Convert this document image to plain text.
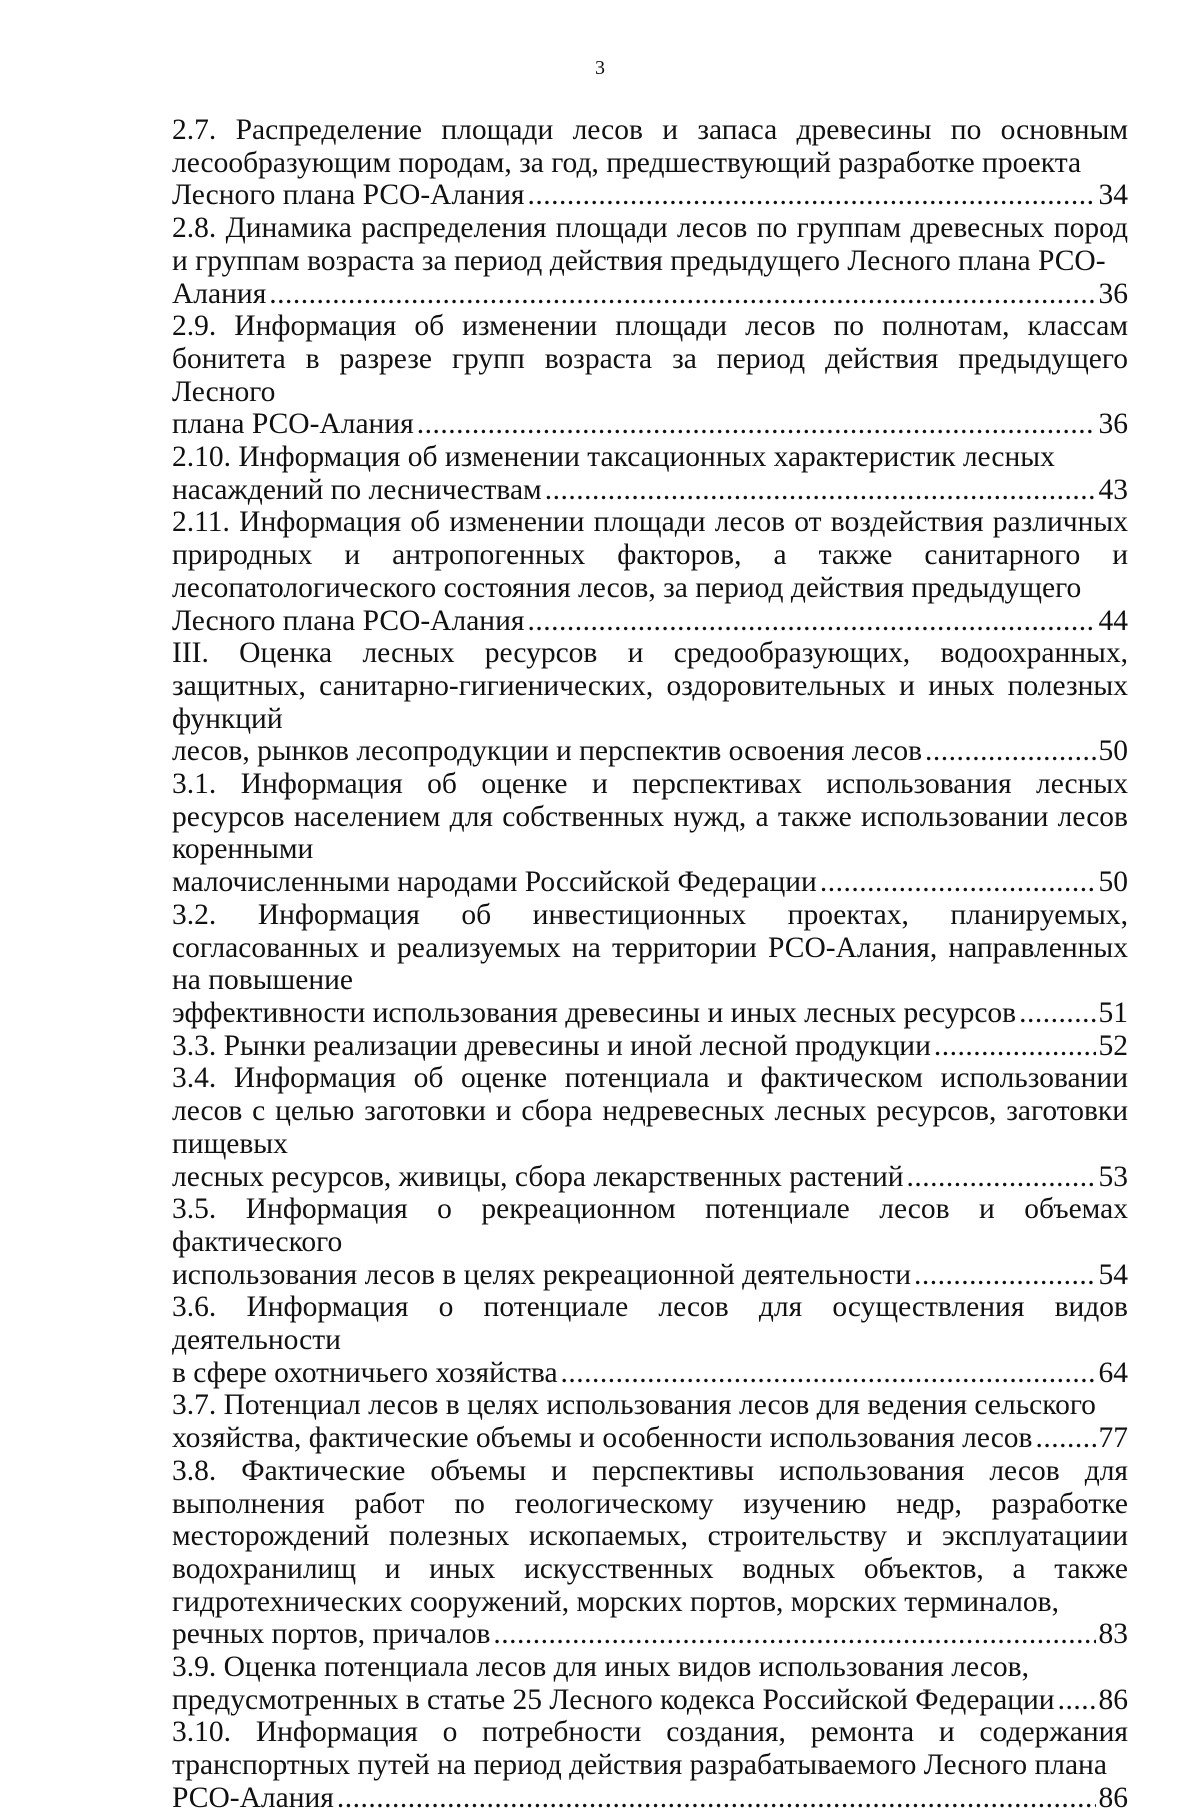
3
2.7. Распределение площади лесов и запаса древесины по основным лесообразующим породам, за год, предшествующий разработке проекта
Лесного плана РСО-Алания .....	34
2.8. Динамика распределения площади лесов по группам древесных пород и группам возраста за период действия предыдущего Лесного плана РСО-
Алания .....	36
2.9. Информация об изменении площади лесов по полнотам, классам бонитета в разрезе групп возраста за период действия предыдущего Лесного
плана РСО-Алания .....	36
2.10. Информация об изменении таксационных характеристик лесных
насаждений по лесничествам .....	43
2.11. Информация об изменении площади лесов от воздействия различных природных и антропогенных факторов, а также санитарного и лесопатологического состояния лесов, за период действия предыдущего
Лесного плана РСО-Алания .....	44
III. Оценка лесных ресурсов и средообразующих, водоохранных, защитных, санитарно-гигиенических, оздоровительных и иных полезных функций
лесов, рынков лесопродукции и перспектив освоения лесов .....	50
3.1. Информация об оценке и перспективах использования лесных ресурсов населением для собственных нужд, а также использовании лесов коренными
малочисленными народами Российской Федерации .....	50
3.2. Информация об инвестиционных проектах, планируемых, согласованных и реализуемых на территории РСО-Алания, направленных на повышение
эффективности использования древесины и иных лесных ресурсов .....	51
3.3. Рынки реализации древесины и иной лесной продукции .....	52
3.4. Информация об оценке потенциала и фактическом использовании лесов с целью заготовки и сбора недревесных лесных ресурсов, заготовки пищевых
лесных ресурсов, живицы, сбора лекарственных растений .....	53
3.5. Информация о рекреационном потенциале лесов и объемах фактического
использования лесов в целях рекреационной деятельности .....	54
3.6. Информация о потенциале лесов для осуществления видов деятельности
в сфере охотничьего хозяйства .....	64
3.7. Потенциал лесов в целях использования лесов для ведения сельского
хозяйства, фактические объемы и особенности использования лесов ..... 77
3.8. Фактические объемы и перспективы использования лесов для выполнения работ по геологическому изучению недр, разработке месторождений полезных ископаемых, строительству и эксплуатациии водохранилищ и иных искусственных водных объектов, а также гидротехнических сооружений, морских портов, морских терминалов,
речных портов, причалов .....	83
3.9. Оценка потенциала лесов для иных видов использования лесов,
предусмотренных в статье 25 Лесного кодекса Российской Федерации ..... 86
3.10. Информация о потребности создания, ремонта и содержания транспортных путей на период действия разрабатываемого Лесного плана
РСО-Алания .....	86
